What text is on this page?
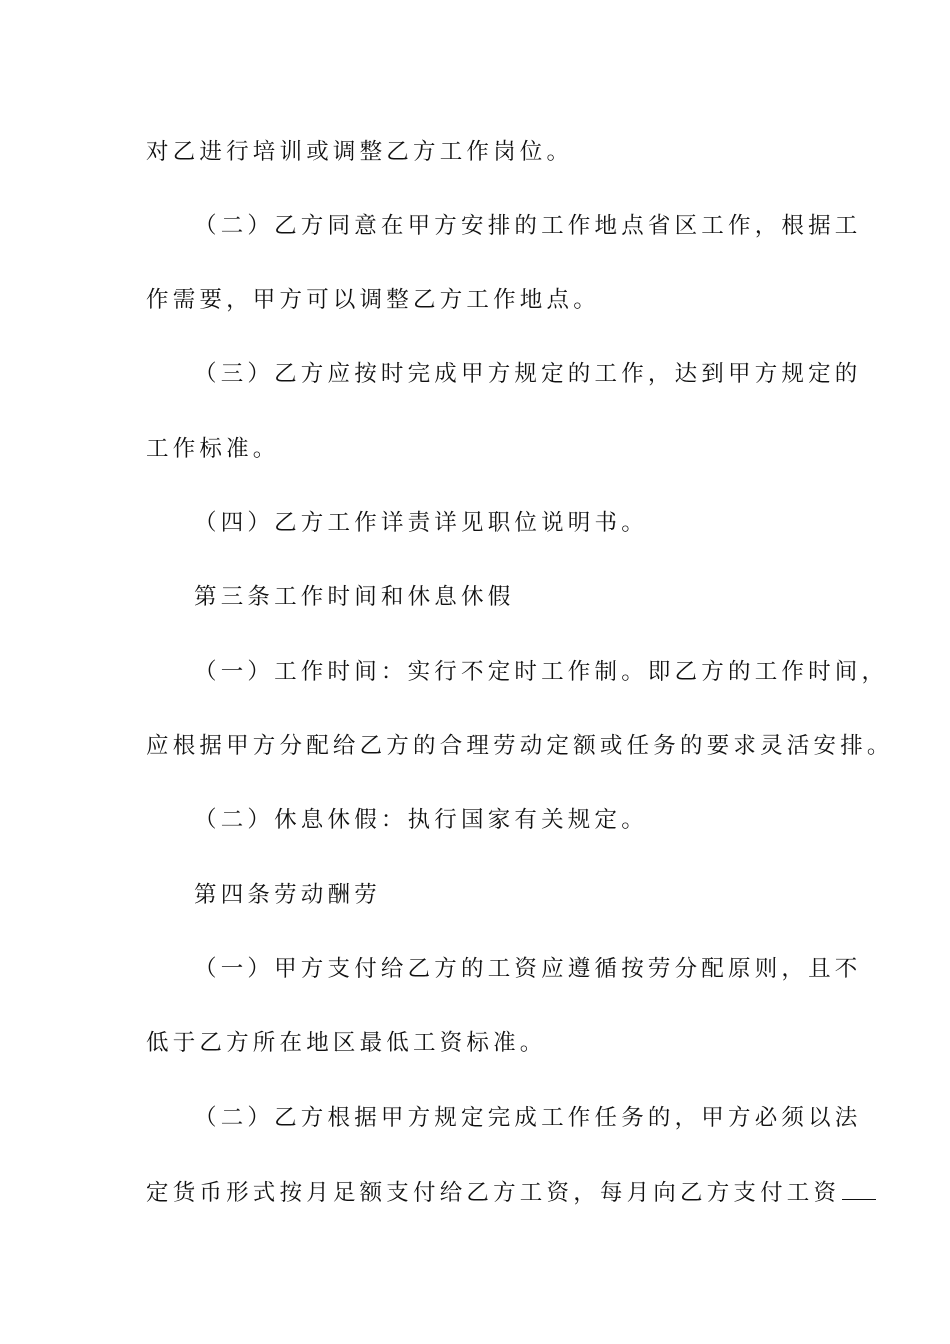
对乙进行培训或调整乙方工作岗位。
（二）乙方同意在甲方安排的工作地点省区工作，根据工
作需要，甲方可以调整乙方工作地点。
（三）乙方应按时完成甲方规定的工作，达到甲方规定的
工作标准。
（四）乙方工作详责详见职位说明书。
第三条工作时间和休息休假
（一）工作时间：实行不定时工作制。即乙方的工作时间，
应根据甲方分配给乙方的合理劳动定额或任务的要求灵活安排。
（二）休息休假：执行国家有关规定。
第四条劳动酬劳
（一）甲方支付给乙方的工资应遵循按劳分配原则，且不
低于乙方所在地区最低工资标准。
（二）乙方根据甲方规定完成工作任务的，甲方必须以法
定货币形式按月足额支付给乙方工资，每月向乙方支付工资
